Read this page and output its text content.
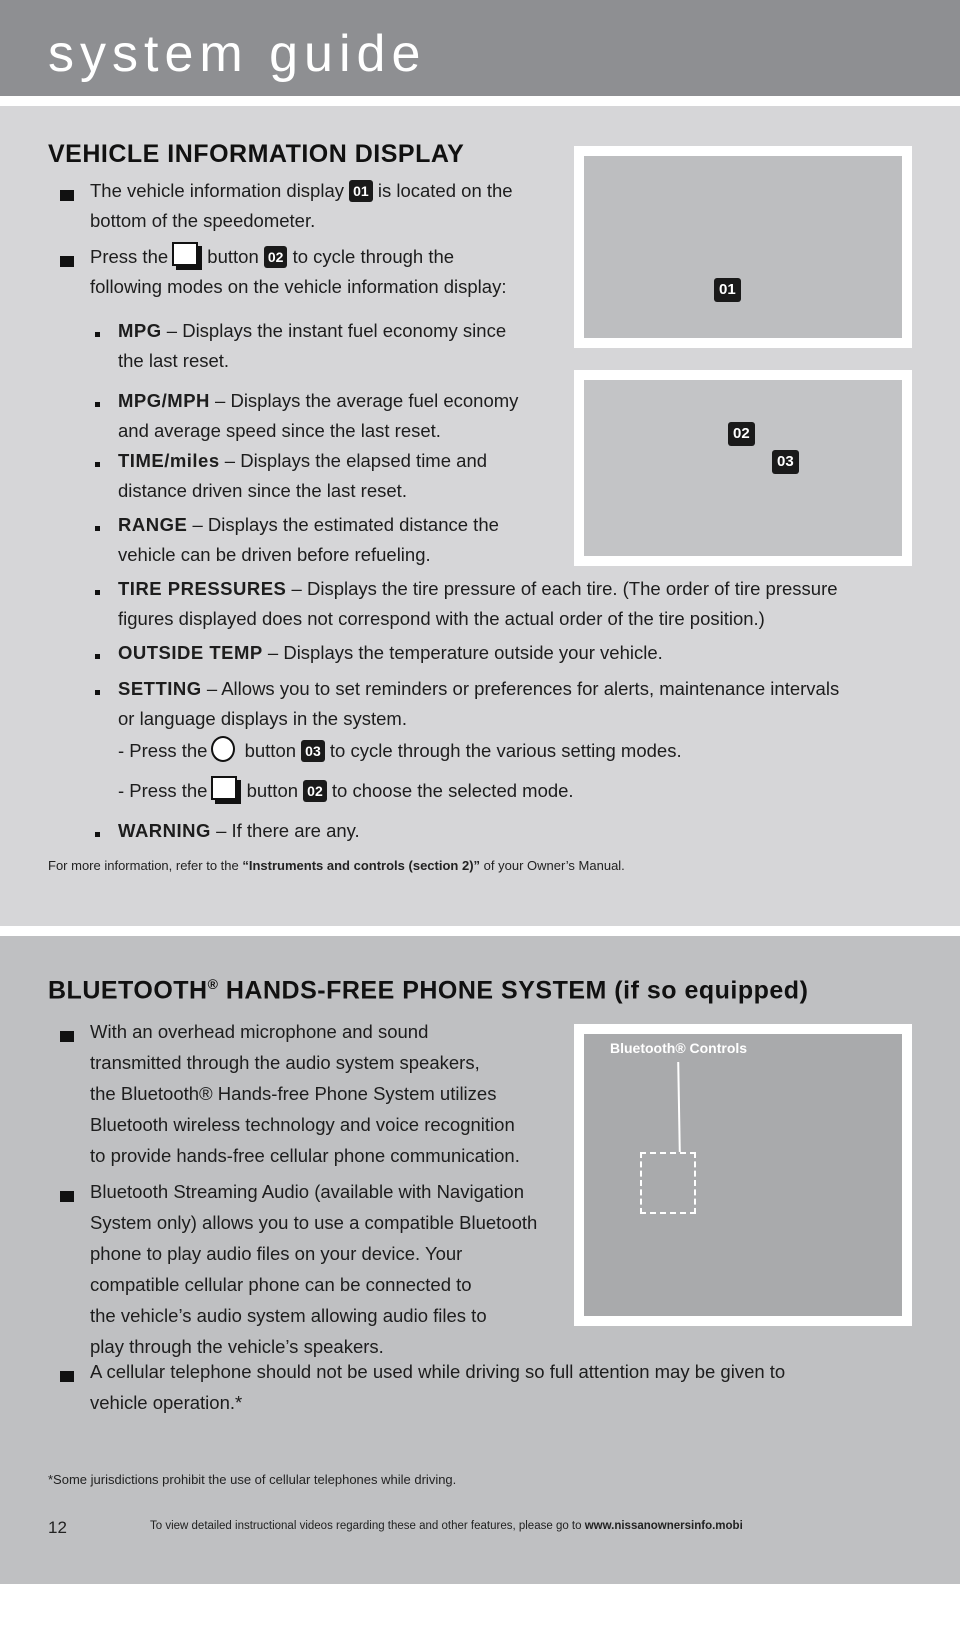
system guide
VEHICLE INFORMATION DISPLAY
The vehicle information display 01 is located on the
bottom of the speedometer.
Press the button 02 to cycle through the
following modes on the vehicle information display:
MPG – Displays the instant fuel economy since
the last reset.
MPG/MPH – Displays the average fuel economy
and average speed since the last reset.
TIME/miles – Displays the elapsed time and
distance driven since the last reset.
RANGE – Displays the estimated distance the
vehicle can be driven before refueling.
TIRE PRESSURES – Displays the tire pressure of each tire. (The order of tire pressure
figures displayed does not correspond with the actual order of the tire position.)
OUTSIDE TEMP – Displays the temperature outside your vehicle.
SETTING – Allows you to set reminders or preferences for alerts, maintenance intervals
or language displays in the system.
- Press the button 03 to cycle through the various setting modes.
- Press the button 02 to choose the selected mode.
WARNING – If there are any.
For more information, refer to the “Instruments and controls (section 2)” of your Owner’s Manual.
01
02
03
BLUETOOTH® HANDS-FREE PHONE SYSTEM (if so equipped)
With an overhead microphone and sound
transmitted through the audio system speakers,
the Bluetooth® Hands-free Phone System utilizes
Bluetooth wireless technology and voice recognition
to provide hands-free cellular phone communication.
Bluetooth Streaming Audio (available with Navigation
System only) allows you to use a compatible Bluetooth
phone to play audio files on your device. Your
compatible cellular phone can be connected to
the vehicle’s audio system allowing audio files to
play through the vehicle’s speakers.
A cellular telephone should not be used while driving so full attention may be given to
vehicle operation.*
Bluetooth® Controls
*Some jurisdictions prohibit the use of cellular telephones while driving.
12	To view detailed instructional videos regarding these and other features, please go to www.nissanownersinfo.mobi
